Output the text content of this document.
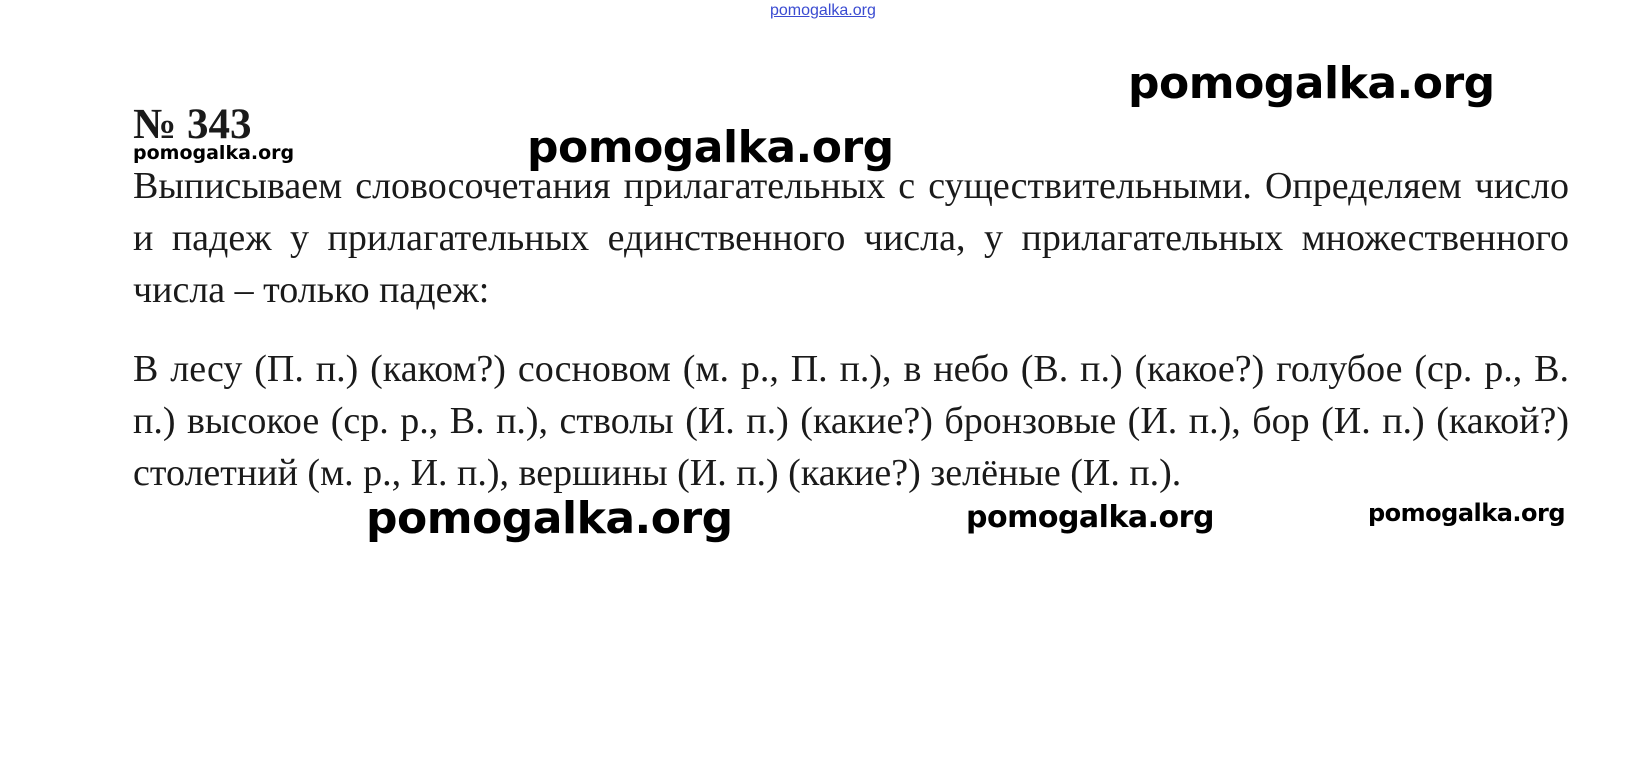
pomogalka.org
№ 343
pomogalka.org

Выписываем словосочетания прилагательных с существительными. Определяем число и падеж у прилагательных единственного числа, у прилагательных множественного числа – только падеж:

В лесу (П. п.) (каком?) сосновом (м. р., П. п.), в небо (В. п.) (какое?) голубое (ср. р., В. п.) высокое (ср. р., В. п.), стволы (И. п.) (какие?) бронзовые (И. п.), бор (И. п.) (какой?) столетний (м. р., И. п.), вершины (И. п.) (какие?) зелёные (И. п.).

pomogalka.org
pomogalka.org
pomogalka.org	pomogalka.org	pomogalka.org
